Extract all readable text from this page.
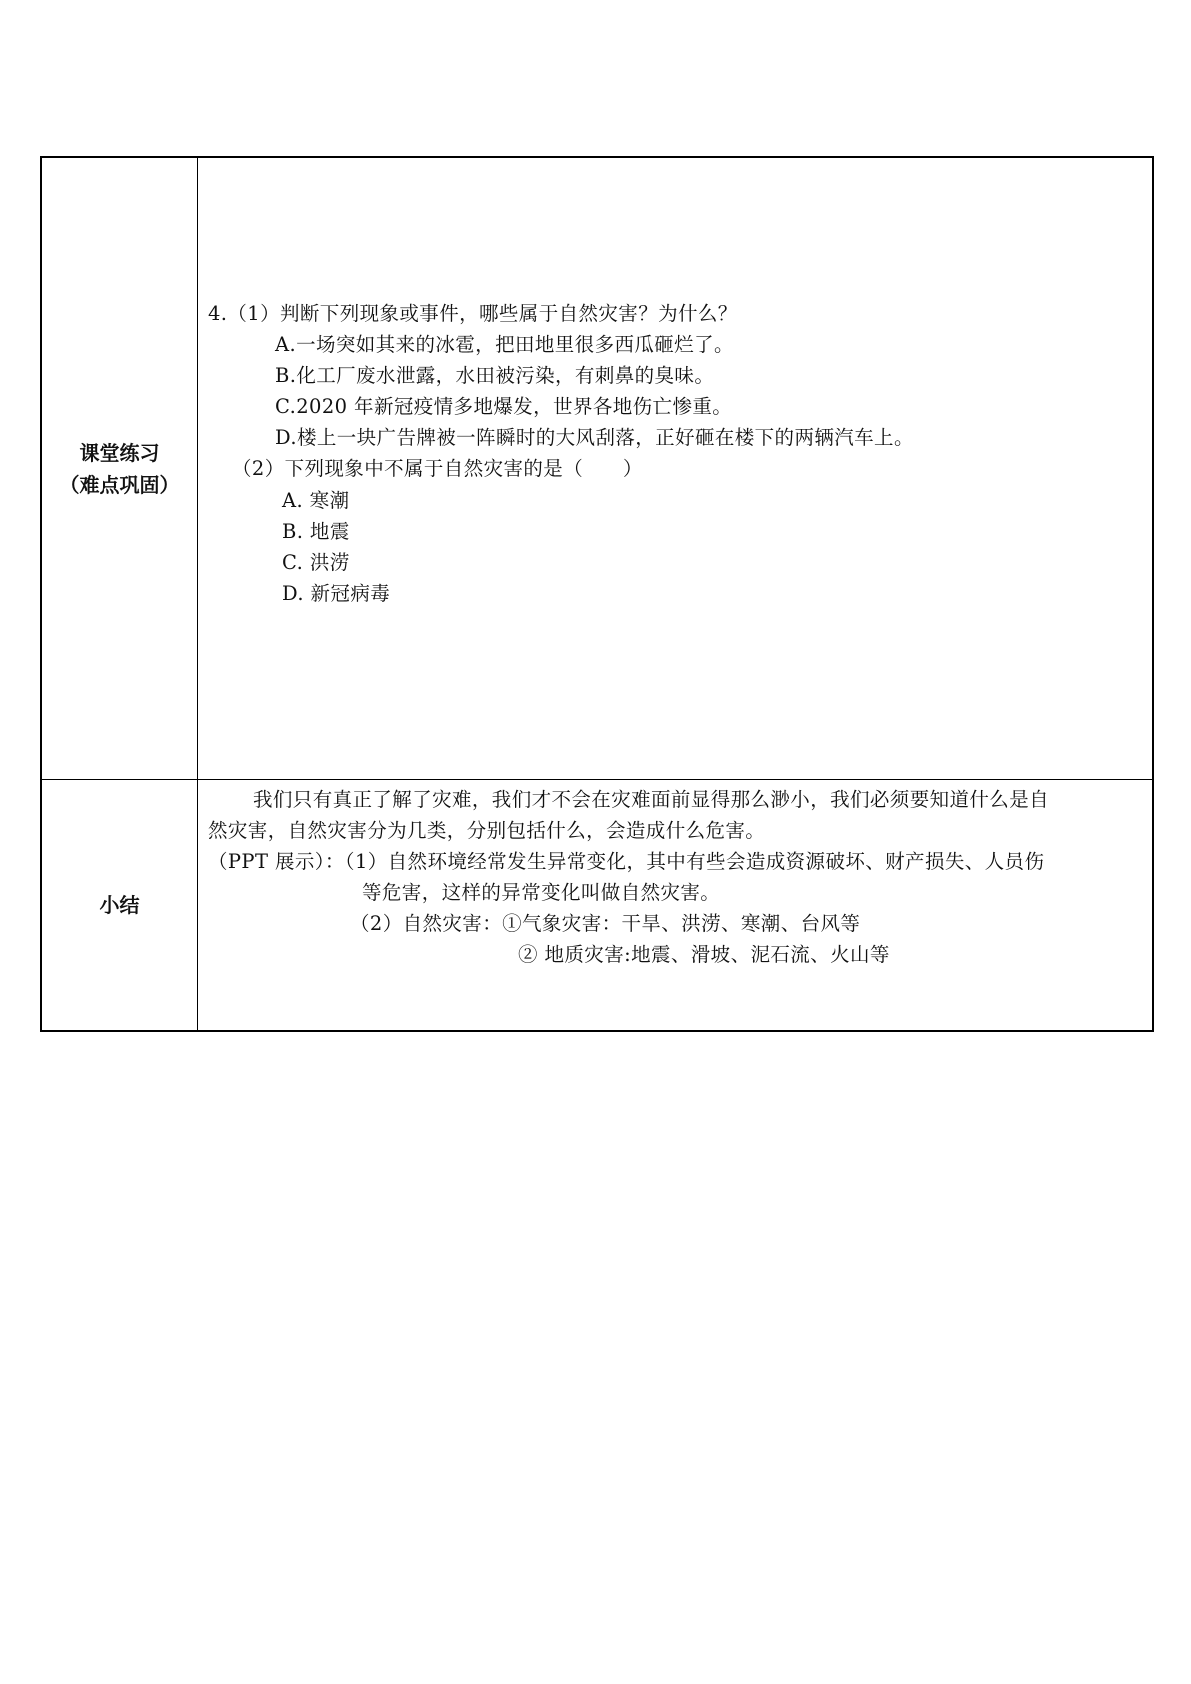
课堂练习
（难点巩固）
4.（1）判断下列现象或事件，哪些属于自然灾害？为什么？
A.一场突如其来的冰雹，把田地里很多西瓜砸烂了。
B.化工厂废水泄露，水田被污染，有刺鼻的臭味。
C.2020 年新冠疫情多地爆发，世界各地伤亡惨重。
D.楼上一块广告牌被一阵瞬时的大风刮落，正好砸在楼下的两辆汽车上。
（2）下列现象中不属于自然灾害的是（　　）
A. 寒潮
B. 地震
C. 洪涝
D. 新冠病毒
小结
我们只有真正了解了灾难，我们才不会在灾难面前显得那么渺小，我们必须要知道什么是自
然灾害，自然灾害分为几类，分别包括什么，会造成什么危害。
（PPT 展示）：（1）自然环境经常发生异常变化，其中有些会造成资源破坏、财产损失、人员伤
等危害，这样的异常变化叫做自然灾害。
（2）自然灾害：①气象灾害：干旱、洪涝、寒潮、台风等
② 地质灾害:地震、滑坡、泥石流、火山等
